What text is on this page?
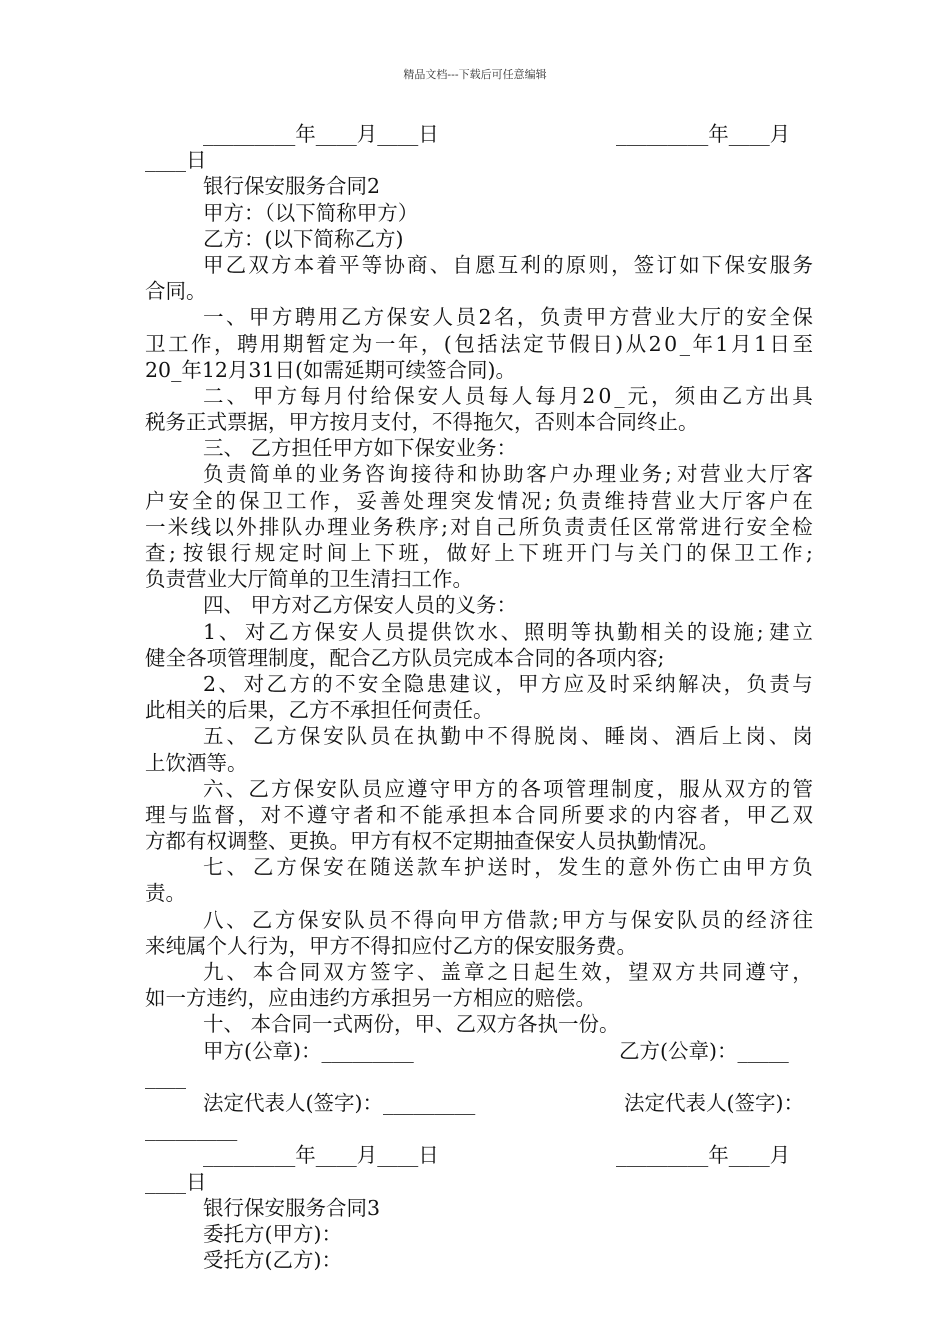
精品文档---下载后可任意编辑
_________年____月____日	_________年____月
____日
银行保安服务合同2
甲方：（以下简称甲方）
乙方：(以下简称乙方)
甲 乙 双 方 本 着 平 等 协 商 、 自 愿 互 利 的 原 则 ， 签 订 如 下 保 安 服 务
合同。
一 、 甲 方 聘 用 乙 方 保 安 人 员 2 名 ， 负 责 甲 方 营 业 大 厅 的 安 全 保
卫 工 作 ， 聘 用 期 暂 定 为 一 年 ， ( 包 括 法 定 节 假 日 ) 从 2 0 _ 年 1 月 1 日 至
20_年12月31日(如需延期可续签合同)。
二 、 甲 方 每 月 付 给 保 安 人 员 每 人 每 月 2 0 _ 元 ， 须 由 乙 方 出 具
税务正式票据，甲方按月支付，不得拖欠，否则本合同终止。
三、 乙方担任甲方如下保安业务：
负 责 简 单 的 业 务 咨 询 接 待 和 协 助 客 户 办 理 业 务 ; 对 营 业 大 厅 客
户 安 全 的 保 卫 工 作 ， 妥 善 处 理 突 发 情 况 ; 负 责 维 持 营 业 大 厅 客 户 在
一 米 线 以 外 排 队 办 理 业 务 秩 序 ; 对 自 己 所 负 责 责 任 区 常 常 进 行 安 全 检
查 ; 按 银 行 规 定 时 间 上 下 班 ， 做 好 上 下 班 开 门 与 关 门 的 保 卫 工 作 ;
负责营业大厅简单的卫生清扫工作。
四、 甲方对乙方保安人员的义务：
1 、 对 乙 方 保 安 人 员 提 供 饮 水 、 照 明 等 执 勤 相 关 的 设 施 ; 建 立
健全各项管理制度，配合乙方队员完成本合同的各项内容;
2 、 对 乙 方 的 不 安 全 隐 患 建 议 ， 甲 方 应 及 时 采 纳 解 决 ， 负 责 与
此相关的后果，乙方不承担任何责任。
五 、 乙 方 保 安 队 员 在 执 勤 中 不 得 脱 岗 、 睡 岗 、 酒 后 上 岗 、 岗
上饮酒等。
六 、 乙 方 保 安 队 员 应 遵 守 甲 方 的 各 项 管 理 制 度 ， 服 从 双 方 的 管
理 与 监 督 ， 对 不 遵 守 者 和 不 能 承 担 本 合 同 所 要 求 的 内 容 者 ， 甲 乙 双
方都有权调整、更换。甲方有权不定期抽查保安人员执勤情况。
七 、 乙 方 保 安 在 随 送 款 车 护 送 时 ， 发 生 的 意 外 伤 亡 由 甲 方 负
责。
八 、 乙 方 保 安 队 员 不 得 向 甲 方 借 款 ; 甲 方 与 保 安 队 员 的 经 济 往
来纯属个人行为，甲方不得扣应付乙方的保安服务费。
九 、 本 合 同 双 方 签 字 、 盖 章 之 日 起 生 效 ， 望 双 方 共 同 遵 守 ，
如一方违约，应由违约方承担另一方相应的赔偿。
十、 本合同一式两份，甲、乙双方各执一份。
甲方(公章)：_________	乙方(公章)：_____
____
法定代表人(签字)：_________	法定代表人(签字)：
_________
_________年____月____日	_________年____月
____日
银行保安服务合同3
委托方(甲方)：
受托方(乙方)：
